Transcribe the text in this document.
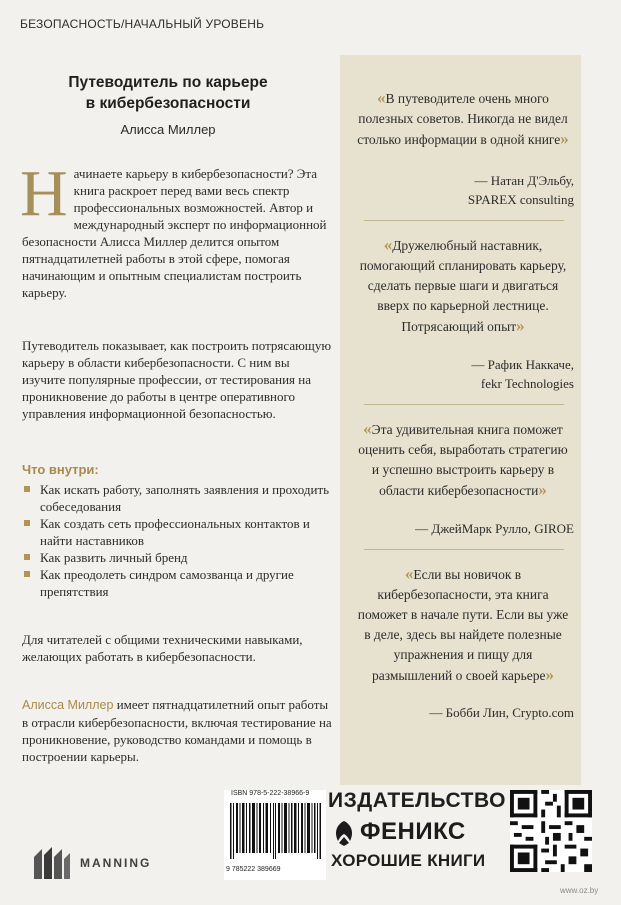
БЕЗОПАСНОСТЬ/НАЧАЛЬНЫЙ УРОВЕНЬ
Путеводитель по карьере
в кибербезопасности
Алисса Миллер
Начинаете карьеру в кибербезопасности? Эта книга раскроет перед вами весь спектр профессиональных возможностей. Автор и международный эксперт по информационной безопасности Алисса Миллер делится опытом пятнадцатилетней работы в этой сфере, помогая начинающим и опытным специалистам построить карьеру.
Путеводитель показывает, как построить потрясающую карьеру в области кибербезопасности. С ним вы изучите популярные профессии, от тестирования на проникновение до работы в центре оперативного управления информационной безопасностью.
Что внутри:
Как искать работу, заполнять заявления и проходить собеседования
Как создать сеть профессиональных контактов и найти наставников
Как развить личный бренд
Как преодолеть синдром самозванца и другие препятствия
Для читателей с общими техническими навыками, желающих работать в кибербезопасности.
Алисса Миллер имеет пятнадцатилетний опыт работы в отрасли кибербезопасности, включая тестирование на проникновение, руководство командами и помощь в построении карьеры.
«В путеводителе очень много полезных советов. Никогда не видел столько информации в одной книге»
— Натан Д'Эльбу,
SPAREX consulting
«Дружелюбный наставник, помогающий спланировать карьеру, сделать первые шаги и двигаться вверх по карьерной лестнице. Потрясающий опыт»
— Рафик Наккаче,
fekr Technologies
«Эта удивительная книга поможет оценить себя, выработать стратегию и успешно выстроить карьеру в области кибербезопасности»
— ДжейМарк Рулло, GIROE
«Если вы новичок в кибербезопасности, эта книга поможет в начале пути. Если вы уже в деле, здесь вы найдете полезные упражнения и пищу для размышлений о своей карьере»
— Бобби Лин, Crypto.com
ISBN 978-5-222-38966-9
9 785222 389669
MANNING
ИЗДАТЕЛЬСТВО
ФЕНИКС
ХОРОШИЕ КНИГИ
www.oz.by
